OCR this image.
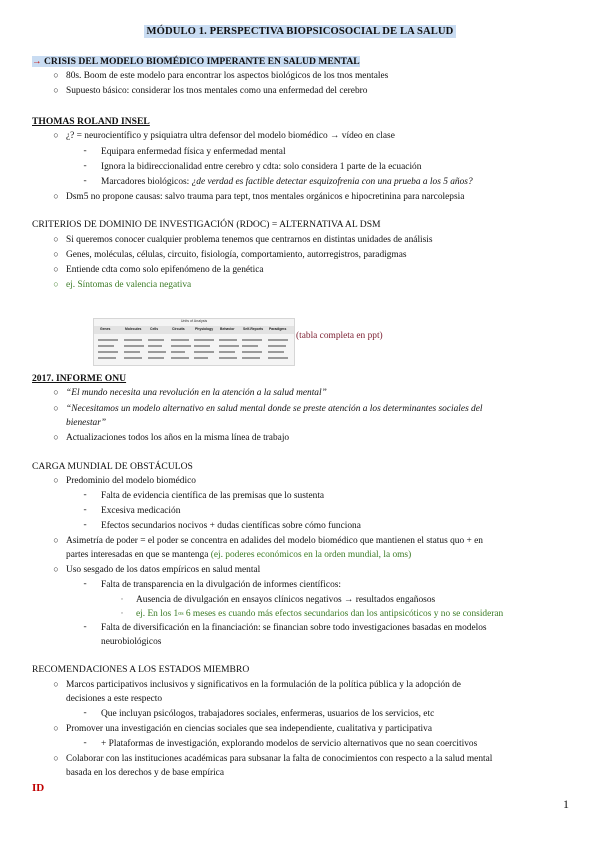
MÓDULO 1. PERSPECTIVA BIOPSICOSOCIAL DE LA SALUD
→ CRISIS DEL MODELO BIOMÉDICO IMPERANTE EN SALUD MENTAL
○ 80s. Boom de este modelo para encontrar los aspectos biológicos de los tnos mentales
○ Supuesto básico: considerar los tnos mentales como una enfermedad del cerebro
THOMAS ROLAND INSEL
○ ¿? = neurocientífico y psiquiatra ultra defensor del modelo biomédico → vídeo en clase
- Equipara enfermedad física y enfermedad mental
- Ignora la bidireccionalidad entre cerebro y cdta: solo considera 1 parte de la ecuación
- Marcadores biológicos: ¿de verdad es factible detectar esquizofrenia con una prueba a los 5 años?
○ Dsm5 no propone causas: salvo trauma para tept, tnos mentales orgánicos e hipocretinina para narcolepsia
CRITERIOS DE DOMINIO DE INVESTIGACIÓN (RDOC) = ALTERNATIVA AL DSM
○ Si queremos conocer cualquier problema tenemos que centrarnos en distintas unidades de análisis
○ Genes, moléculas, células, circuito, fisiología, comportamiento, autorregistros, paradigmas
○ Entiende cdta como solo epifenómeno de la genética
○ ej. Síntomas de valencia negativa
Units of Analysis
Genes	Molecules	Cells	Circuits	Physiology Behavior Self-Reports Paradigms
(tabla completa en ppt)
2017. INFORME ONU
○ “El mundo necesita una revolución en la atención a la salud mental”
○ “Necesitamos un modelo alternativo en salud mental donde se preste atención a los determinantes sociales del
bienestar”
○ Actualizaciones todos los años en la misma línea de trabajo
CARGA MUNDIAL DE OBSTÁCULOS
○ Predominio del modelo biomédico
- Falta de evidencia científica de las premisas que lo sustenta
- Excesiva medicación
- Efectos secundarios nocivos + dudas científicas sobre cómo funciona
○ Asimetría de poder = el poder se concentra en adalides del modelo biomédico que mantienen el status quo + en
partes interesadas en que se mantenga (ej. poderes económicos en la orden mundial, la oms)
○ Uso sesgado de los datos empíricos en salud mental
- Falta de transparencia en la divulgación de informes científicos:
· Ausencia de divulgación en ensayos clínicos negativos → resultados engañosos
· ej. En los $1^{os}$ 6 meses es cuando más efectos secundarios dan los antipsicóticos y no se consideran
- Falta de diversificación en la financiación: se financian sobre todo investigaciones basadas en modelos
neurobiológicos
RECOMENDACIONES A LOS ESTADOS MIEMBRO
○ Marcos participativos inclusivos y significativos en la formulación de la política pública y la adopción de
decisiones a este respecto
- Que incluyan psicólogos, trabajadores sociales, enfermeras, usuarios de los servicios, etc
○ Promover una investigación en ciencias sociales que sea independiente, cualitativa y participativa
- + Plataformas de investigación, explorando modelos de servicio alternativos que no sean coercitivos
○ Colaborar con las instituciones académicas para subsanar la falta de conocimientos con respecto a la salud mental
basada en los derechos y de base empírica
ID
1
